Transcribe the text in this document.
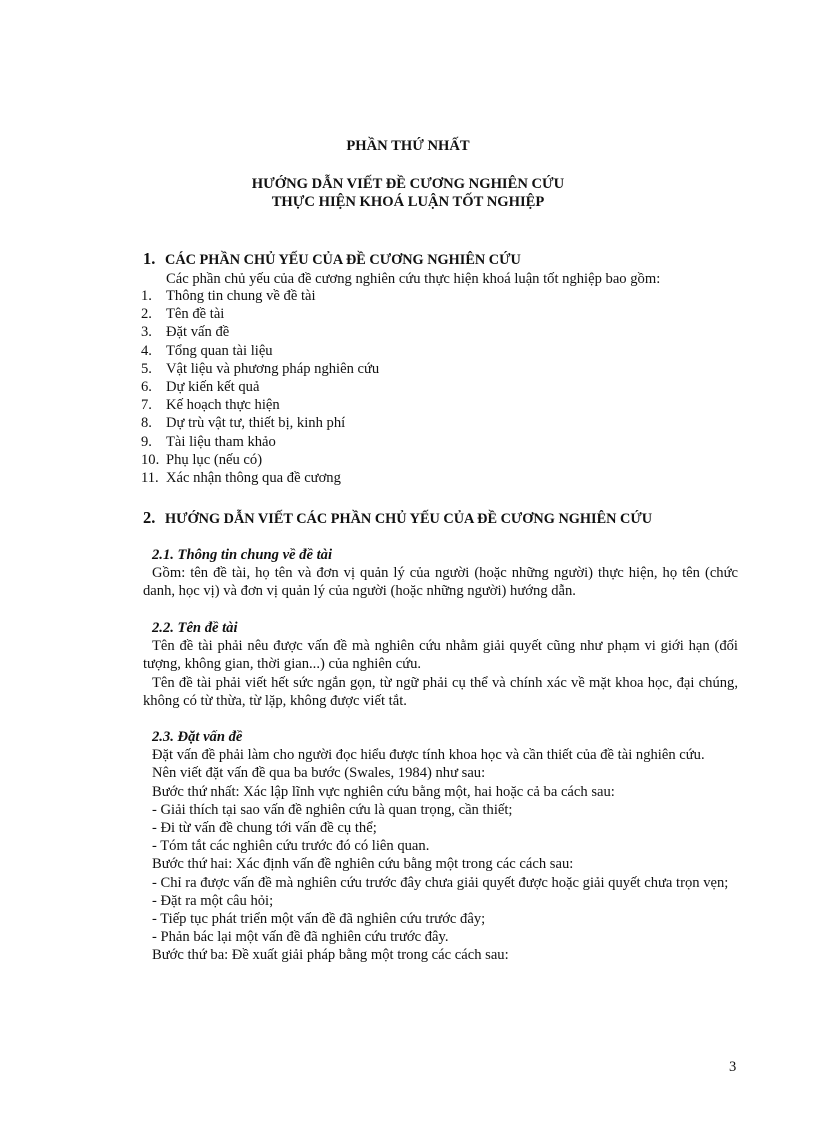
PHẦN THỨ NHẤT
HƯỚNG DẪN VIẾT ĐỀ CƯƠNG NGHIÊN CỨU
THỰC HIỆN KHOÁ LUẬN TỐT NGHIỆP
1. CÁC PHẦN CHỦ YẾU CỦA ĐỀ CƯƠNG NGHIÊN CỨU
Các phần chủ yếu của đề cương nghiên cứu thực hiện khoá luận tốt nghiệp bao gồm:
1. Thông tin chung về đề tài
2. Tên đề tài
3. Đặt vấn đề
4. Tổng quan tài liệu
5. Vật liệu và phương pháp nghiên cứu
6. Dự kiến kết quả
7. Kế hoạch thực hiện
8. Dự trù vật tư, thiết bị, kinh phí
9. Tài liệu tham khảo
10. Phụ lục (nếu có)
11. Xác nhận thông qua đề cương
2. HƯỚNG DẪN VIẾT CÁC PHẦN CHỦ YẾU CỦA ĐỀ CƯƠNG NGHIÊN CỨU
2.1. Thông tin chung về đề tài

Gồm: tên đề tài, họ tên và đơn vị quản lý của người (hoặc những người) thực hiện, họ tên (chức danh, học vị) và đơn vị quản lý của người (hoặc những người) hướng dẫn.

2.2. Tên đề tài

Tên đề tài phải nêu được vấn đề mà nghiên cứu nhằm giải quyết cũng như phạm vi giới hạn (đối tượng, không gian, thời gian...) của nghiên cứu.

Tên đề tài phải viết hết sức ngắn gọn, từ ngữ phải cụ thể và chính xác về mặt khoa học, đại chúng, không có từ thừa, từ lặp, không được viết tắt.

2.3. Đặt vấn đề

Đặt vấn đề phải làm cho người đọc hiểu được tính khoa học và cần thiết của đề tài nghiên cứu.

Nên viết đặt vấn đề qua ba bước (Swales, 1984) như sau:

Bước thứ nhất: Xác lập lĩnh vực nghiên cứu bằng một, hai hoặc cả ba cách sau:

- Giải thích tại sao vấn đề nghiên cứu là quan trọng, cần thiết;

- Đi từ vấn đề chung tới vấn đề cụ thể;

- Tóm tắt các nghiên cứu trước đó có liên quan.

Bước thứ hai: Xác định vấn đề nghiên cứu bằng một trong các cách sau:

- Chỉ ra được vấn đề mà nghiên cứu trước đây chưa giải quyết được hoặc giải quyết chưa trọn vẹn;

- Đặt ra một câu hỏi;

- Tiếp tục phát triển một vấn đề đã nghiên cứu trước đây;

- Phản bác lại một vấn đề đã nghiên cứu trước đây.

Bước thứ ba: Đề xuất giải pháp bằng một trong các cách sau:

3
